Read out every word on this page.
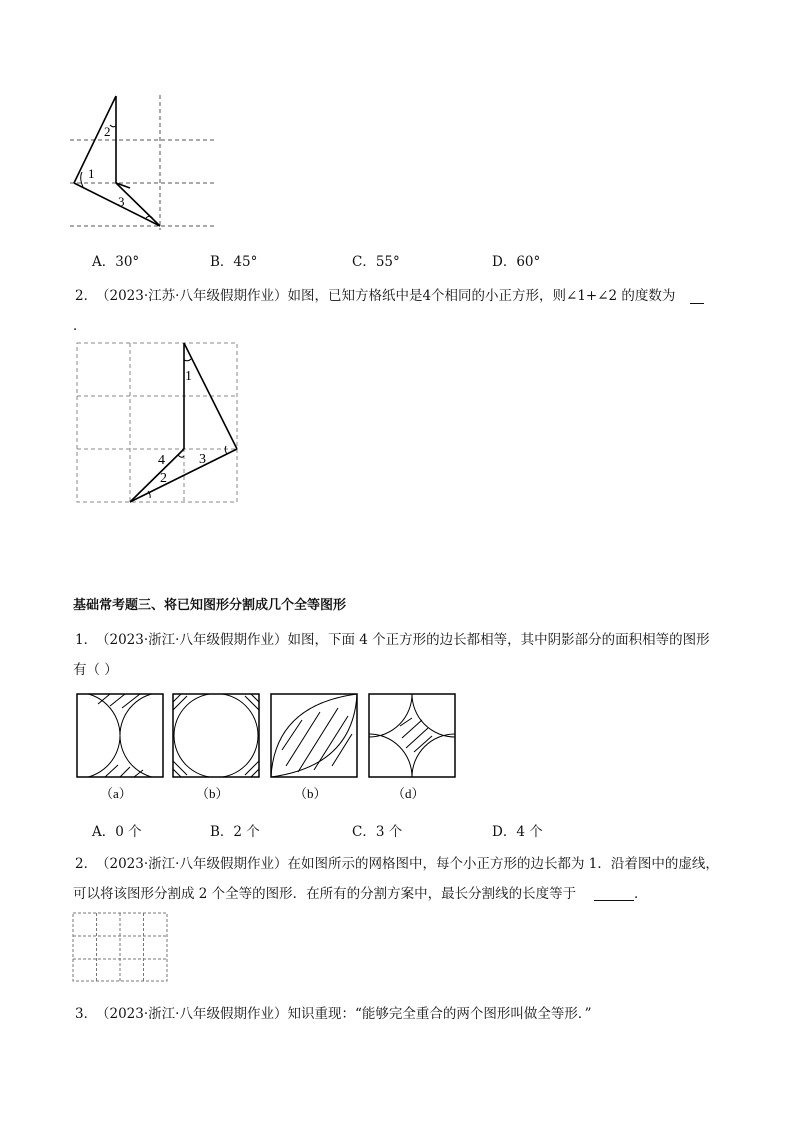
2
1
3
A．30°	B．45°	C．55°	D．60°
2．
（2023·江苏·八年级假期作业）如图，已知方格纸中是4个相同的小正方形，则∠1+∠2 的度数为
．
1
4 3
2
基础常考题三、将已知图形分割成几个全等图形
1．
（2023·浙江·八年级假期作业）如图，下面 4 个正方形的边长都相等，其中阴影部分的面积相等的图形
有（ ）
（a）	（b）	（b）	（d）
A．0 个	B．2 个	C．3 个	D．4 个
2．
（2023·浙江·八年级假期作业）在如图所示的网格图中，每个小正方形的边长都为 1．沿着图中的虚线，
可以将该图形分割成 2 个全等的图形．在所有的分割方案中，最长分割线的长度等于	．
3．
（2023·浙江·八年级假期作业）知识重现：“能够完全重合的两个图形叫做全等形．”
